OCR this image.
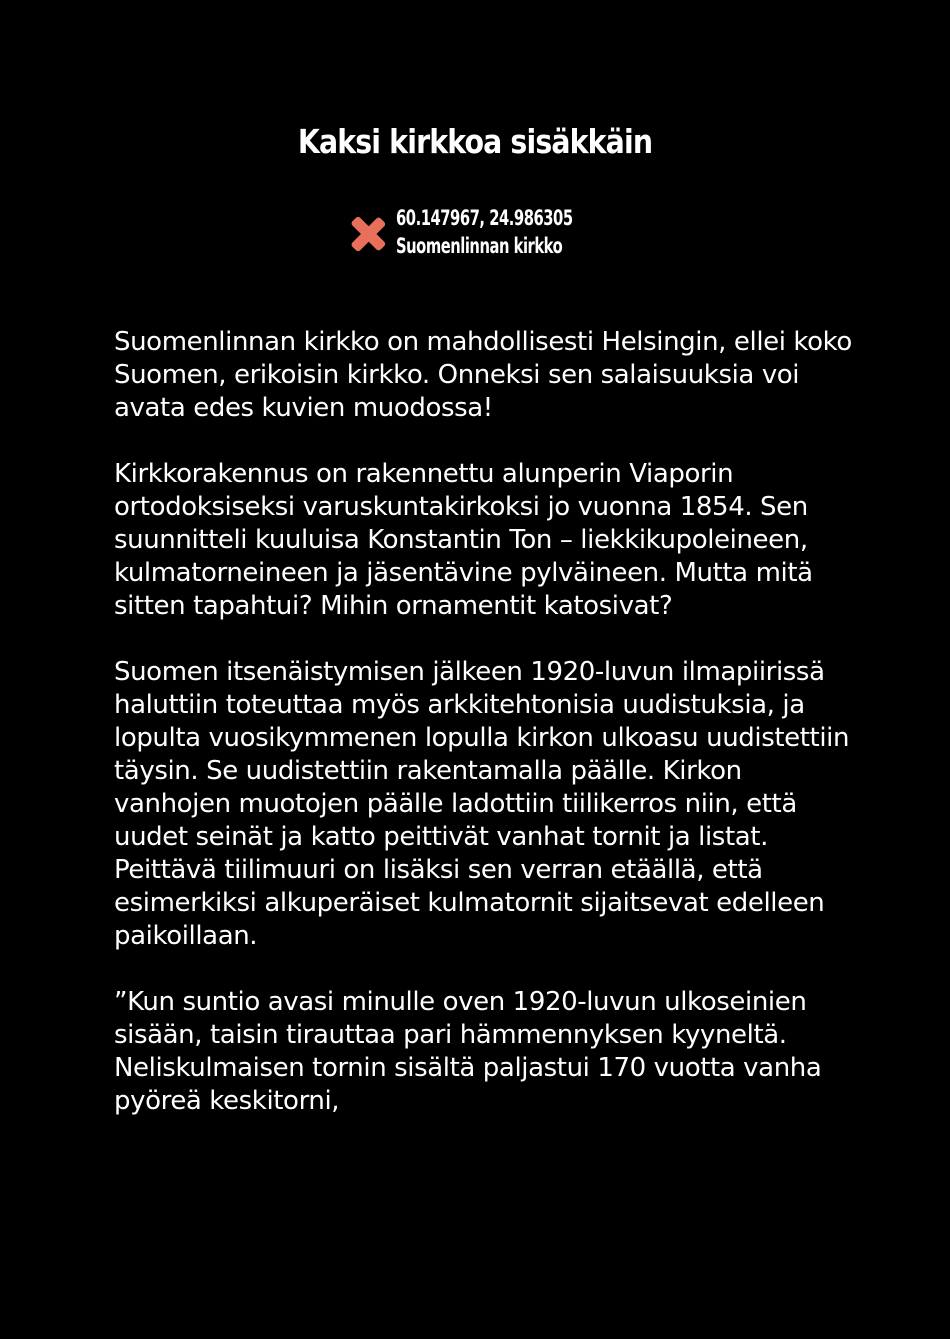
Kaksi kirkkoa sisäkkäin
60.147967, 24.986305
Suomenlinnan kirkko

Suomenlinnan kirkko on mahdollisesti Helsingin, ellei koko Suomen, erikoisin kirkko. Onneksi sen salaisuuksia voi avata edes kuvien muodossa!

Kirkkorakennus on rakennettu alunperin Viaporin ortodoksiseksi varuskuntakirkoksi jo vuonna 1854. Sen suunnitteli kuuluisa Konstantin Ton – liekkikupoleineen, kulmatorneineen ja jäsentävine pylväineen. Mutta mitä sitten tapahtui? Mihin ornamentit katosivat?

Suomen itsenäistymisen jälkeen 1920-luvun ilmapiirissä haluttiin toteuttaa myös arkkitehtonisia uudistuksia, ja lopulta vuosikymmenen lopulla kirkon ulkoasu uudistettiin täysin. Se uudistettiin rakentamalla päälle. Kirkon vanhojen muotojen päälle ladottiin tiilikerros niin, että uudet seinät ja katto peittivät vanhat tornit ja listat. Peittävä tiilimuuri on lisäksi sen verran etäällä, että esimerkiksi alkuperäiset kulmatornit sijaitsevat edelleen paikoillaan.

”Kun suntio avasi minulle oven 1920-luvun ulkoseinien sisään, taisin tirauttaa pari hämmennyksen kyyneltä. Neliskulmaisen tornin sisältä paljastui 170 vuotta vanha pyöreä keskitorni,
